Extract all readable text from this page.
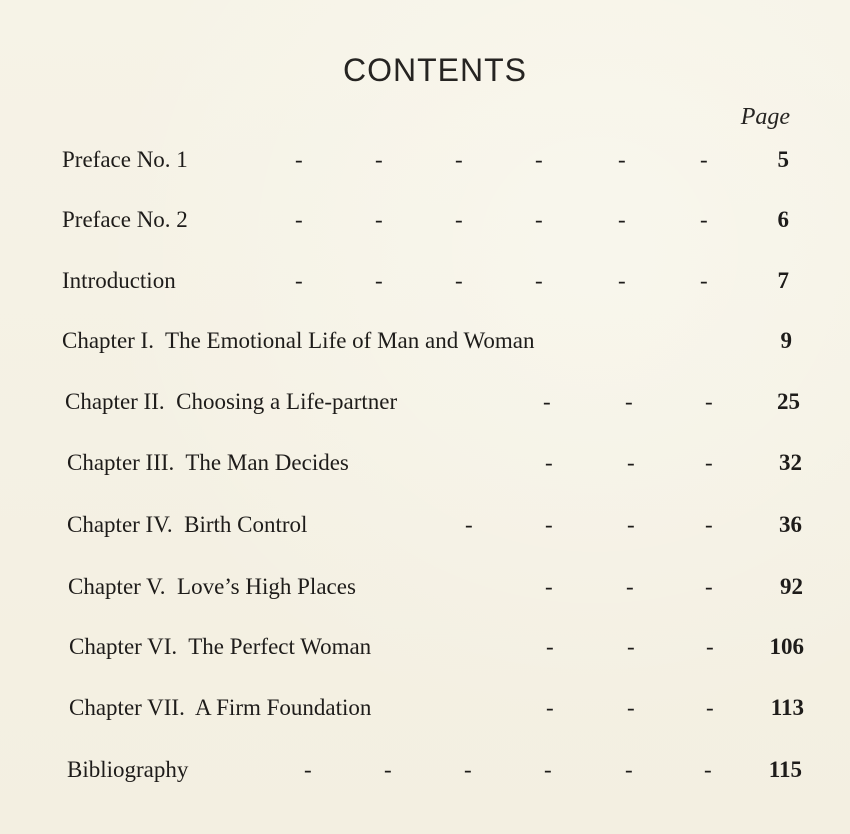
CONTENTS
Page
Preface No. 1	-	-	-	-	-	-	5
Preface No. 2	-	-	-	-	-	-	6
Introduction	-	-	-	-	-	-	7
Chapter I.  The Emotional Life of Man and Woman	9
Chapter II.  Choosing a Life-partner	-	-	-	25
Chapter III.  The Man Decides	-	-	-	32
Chapter IV.  Birth Control	-	-	-	-	36
Chapter V.  Love’s High Places	-	-	-	92
Chapter VI.  The Perfect Woman	-	-	- 106
Chapter VII.  A Firm Foundation	-	-	- 113
Bibliography	-	-	-	-	-	- 115
